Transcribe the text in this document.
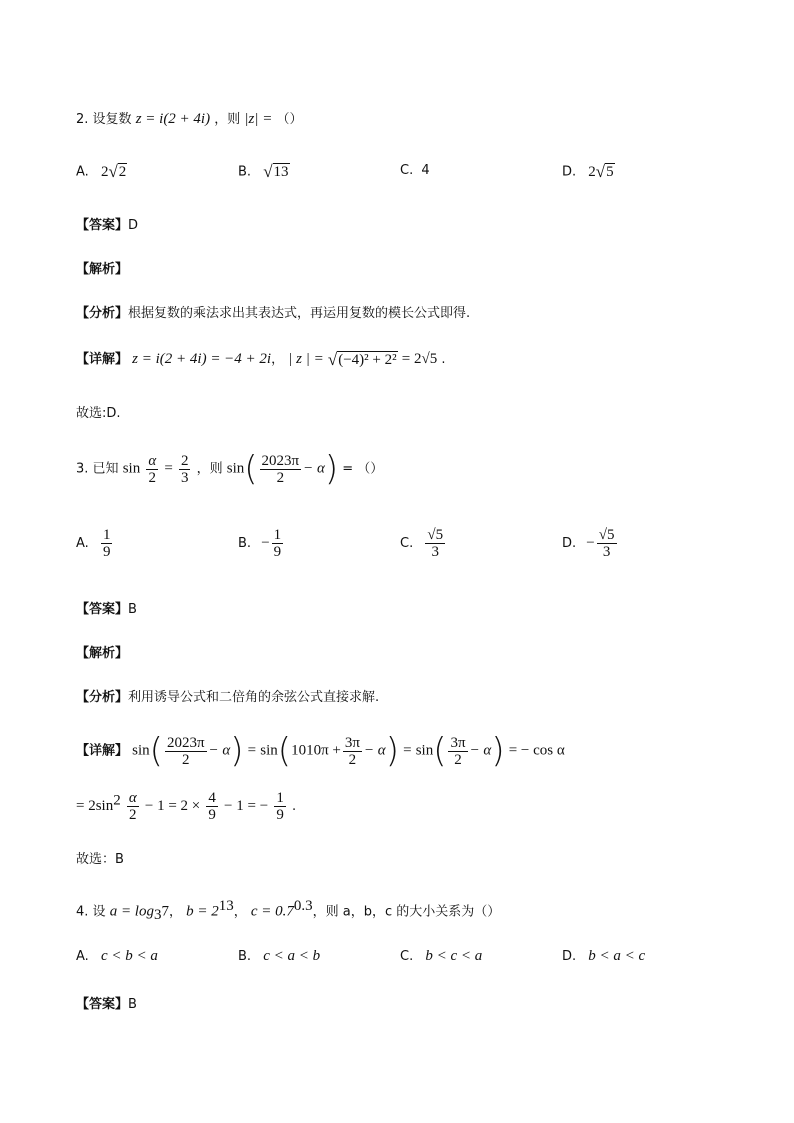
2. 设复数 z = i(2 + 4i) ，则 |z| = （）
A. 2 √ 2	B. √ 13	C. 4	D. 2 √ 5
【答案】D
【解析】
【分析】根据复数的乘法求出其表达式，再运用复数的模长公式即得.
【详解】 z = i(2 + 4i) = −4 + 2i， | z | = √ (−4)² + 2² = 2√5 .
故选:D.
3. 已知 $\sin \frac{\alpha}{2} = \frac{2}{3}$ ，则 $\sin( \frac{2023\pi}{2} - \alpha)$ = （）
A. $\frac{1}{9}$	B. − $\frac{1}{9}$	C. $\frac{√5}{3}$	D. − $\frac{√5}{3}$
【答案】B
【解析】
【分析】利用诱导公式和二倍角的余弦公式直接求解.
【详解】 $\sin( \frac{2023\pi}{2} - \alpha) = \sin(1010\pi + \frac{3\pi}{2} - \alpha) = \sin( \frac{3\pi}{2} - \alpha)$ = − cos α
= $2\sin^2 \frac{\alpha}{2} - 1 = 2 \times \frac{4}{9} - 1$ = − $\frac{1}{9}$ .
故选：B
4. 设 $a = \log_37$， $b = 2^{13}$， $c = 0.7^{0.3}$，则 a，b，c 的大小关系为（）
A. c < b < a	B. c < a < b	C. b < c < a	D. b < a < c
【答案】B
